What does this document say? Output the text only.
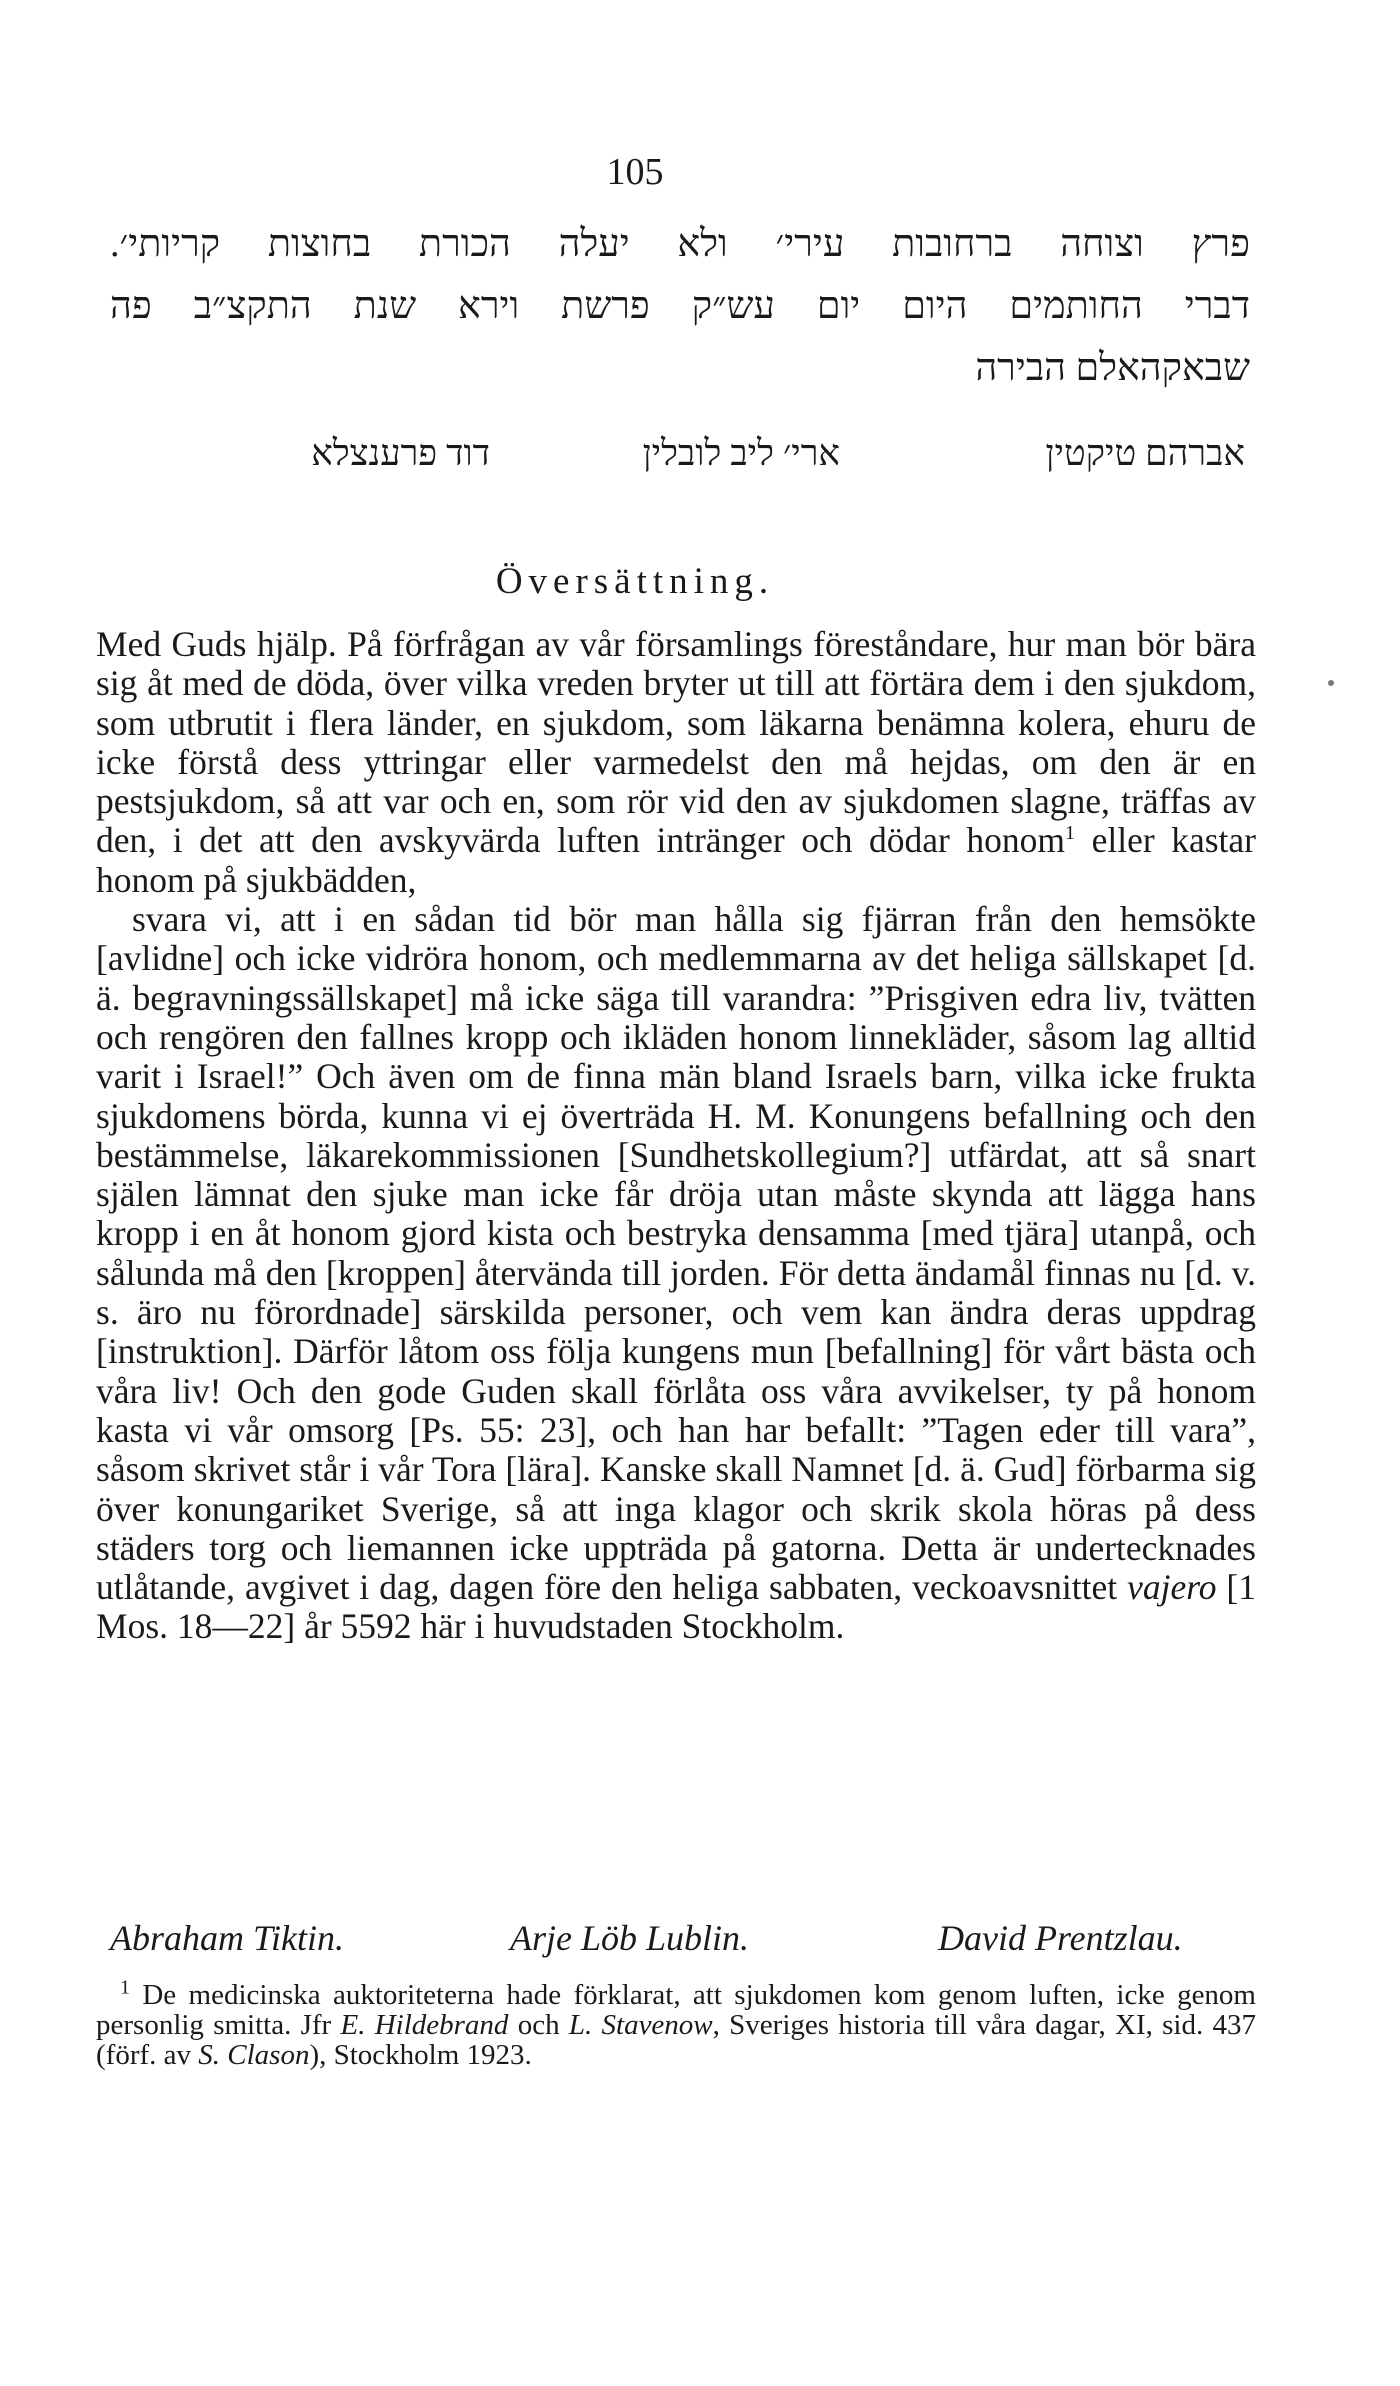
105
פרץ וצוחה ברחובות עירי׳ ולא יעלה הכורת בחוצות קריותי׳.
דברי החותמים היום יום עש״ק פרשת וירא שנת התקצ״ב פה
שבאקהאלם הבירה
אברהם טיקטין
ארי׳ ליב לובלין
דוד פרענצלא
Översättning.

Med Guds hjälp. På förfrågan av vår församlings föreståndare, hur man bör bära sig åt med de döda, över vilka vreden bryter ut till att förtära dem i den sjukdom, som utbrutit i flera länder, en sjukdom, som läkarna benämna kolera, ehuru de icke förstå dess yttringar eller varmedelst den må hejdas, om den är en pestsjukdom, så att var och en, som rör vid den av sjukdomen slagne, träffas av den, i det att den avskyvärda luften intränger och dödar honom$^1$ eller kastar honom på sjukbädden,

svara vi, att i en sådan tid bör man hålla sig fjärran från den hemsökte [avlidne] och icke vidröra honom, och medlemmarna av det heliga sällskapet [d. ä. begravningssällskapet] må icke säga till varandra: ”Prisgiven edra liv, tvätten och rengören den fallnes kropp och ikläden honom linnekläder, såsom lag alltid varit i Israel!” Och även om de finna män bland Israels barn, vilka icke frukta sjukdomens börda, kunna vi ej överträda H. M. Konungens befallning och den bestämmelse, läkarekommissionen [Sundhetskollegium?] utfärdat, att så snart själen lämnat den sjuke man icke får dröja utan måste skynda att lägga hans kropp i en åt honom gjord kista och bestryka densamma [med tjära] utanpå, och sålunda må den [kroppen] återvända till jorden. För detta ändamål finnas nu [d. v. s. äro nu förordnade] särskilda personer, och vem kan ändra deras uppdrag [instruktion]. Därför låtom oss följa kungens mun [befallning] för vårt bästa och våra liv! Och den gode Guden skall förlåta oss våra avvikelser, ty på honom kasta vi vår omsorg [Ps. 55: 23], och han har befallt: ”Tagen eder till vara”, såsom skrivet står i vår Tora [lära]. Kanske skall Namnet [d. ä. Gud] förbarma sig över konungariket Sverige, så att inga klagor och skrik skola höras på dess städers torg och liemannen icke uppträda på gatorna. Detta är undertecknades utlåtande, avgivet i dag, dagen före den heliga sabbaten, veckoavsnittet vajero [1 Mos. 18—22] år 5592 här i huvudstaden Stockholm.

Abraham Tiktin.	Arje Löb Lublin.	David Prentzlau.

$^1$ De medicinska auktoriteterna hade förklarat, att sjukdomen kom genom luften, icke genom personlig smitta. Jfr E. Hildebrand och L. Stavenow, Sveriges historia till våra dagar, XI, sid. 437 (förf. av S. Clason), Stockholm 1923.
